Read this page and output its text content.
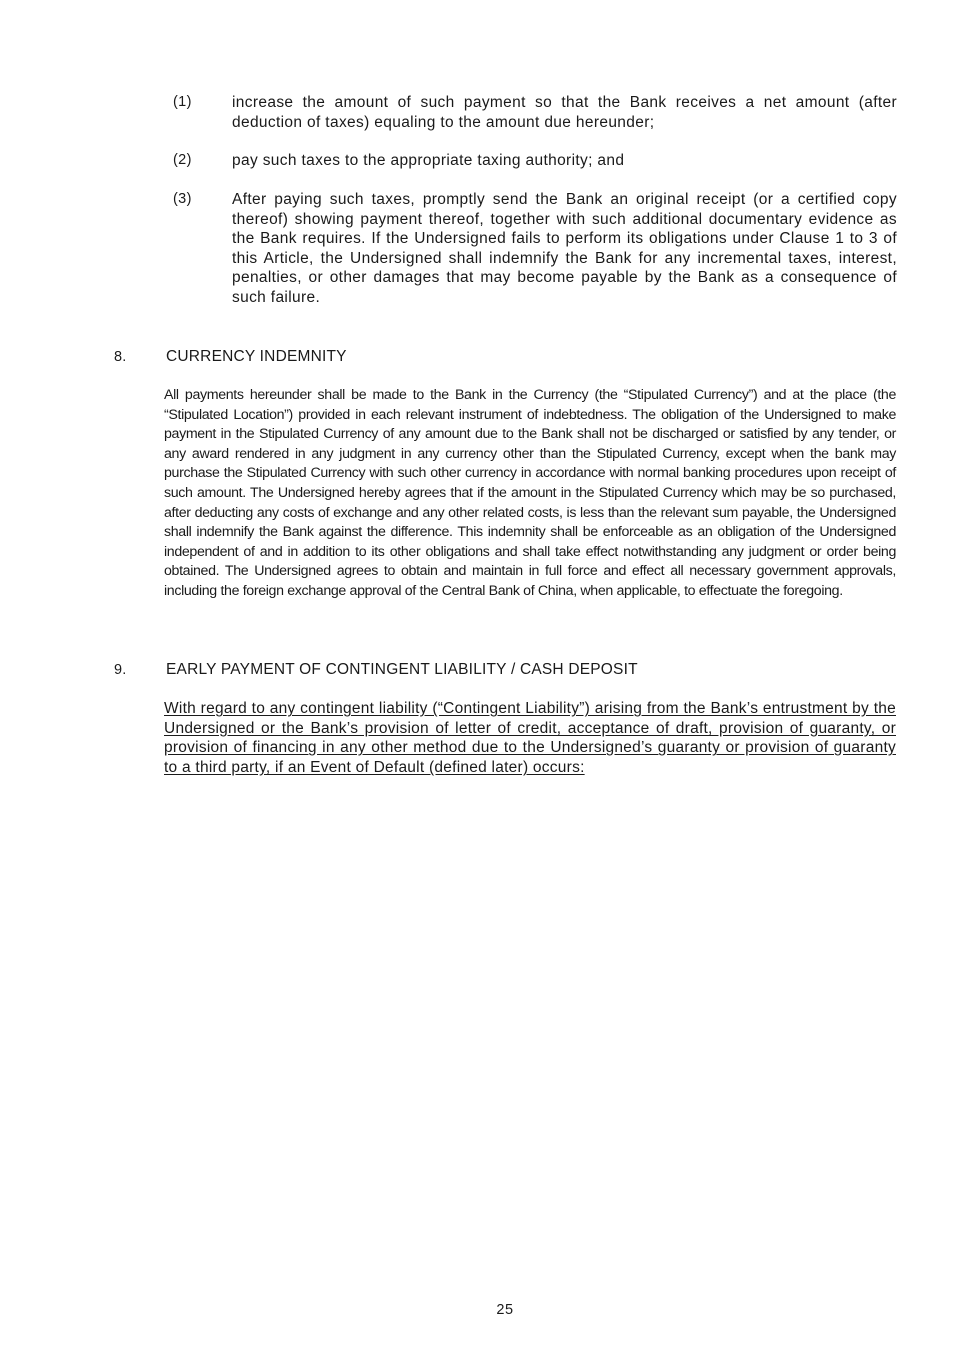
(1)	increase the amount of such payment so that the Bank receives a net amount (after deduction of taxes) equaling to the amount due hereunder;
(2)	pay such taxes to the appropriate taxing authority; and
(3)	After paying such taxes, promptly send the Bank an original receipt (or a certified copy thereof) showing payment thereof, together with such additional documentary evidence as the Bank requires. If the Undersigned fails to perform its obligations under Clause 1 to 3 of this Article, the Undersigned shall indemnify the Bank for any incremental taxes, interest, penalties, or other damages that may become payable by the Bank as a consequence of such failure.
8.	CURRENCY INDEMNITY
All payments hereunder shall be made to the Bank in the Currency (the “Stipulated Currency”) and at the place (the “Stipulated Location”) provided in each relevant instrument of indebtedness. The obligation of the Undersigned to make payment in the Stipulated Currency of any amount due to the Bank shall not be discharged or satisfied by any tender, or any award rendered in any judgment in any currency other than the Stipulated Currency, except when the bank may purchase the Stipulated Currency with such other currency in accordance with normal banking procedures upon receipt of such amount. The Undersigned hereby agrees that if the amount in the Stipulated Currency which may be so purchased, after deducting any costs of exchange and any other related costs, is less than the relevant sum payable, the Undersigned shall indemnify the Bank against the difference. This indemnity shall be enforceable as an obligation of the Undersigned independent of and in addition to its other obligations and shall take effect notwithstanding any judgment or order being obtained. The Undersigned agrees to obtain and maintain in full force and effect all necessary government approvals, including the foreign exchange approval of the Central Bank of China, when applicable, to effectuate the foregoing.
9.	EARLY PAYMENT OF CONTINGENT LIABILITY / CASH DEPOSIT
With regard to any contingent liability (“Contingent Liability”) arising from the Bank’s entrustment by the Undersigned or the Bank’s provision of letter of credit, acceptance of draft, provision of guaranty, or provision of financing in any other method due to the Undersigned’s guaranty or provision of guaranty to a third party, if an Event of Default (defined later) occurs:
25
